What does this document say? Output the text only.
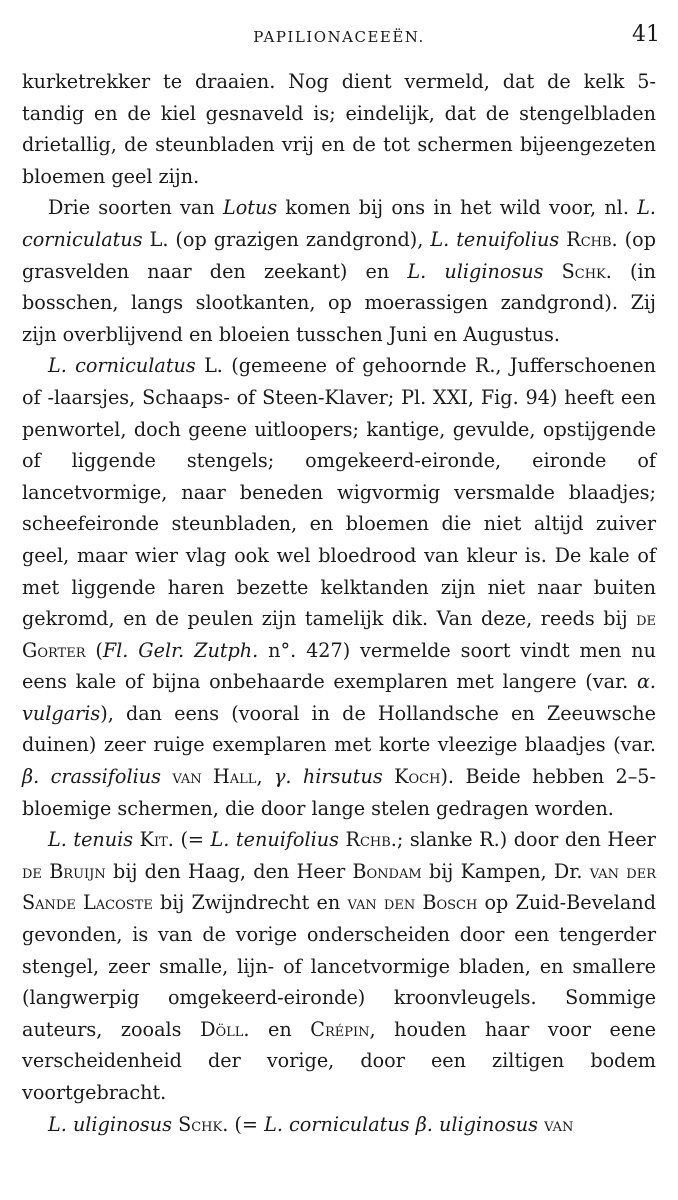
PAPILIONACEEËN.	41

kurketrekker te draaien. Nog dient vermeld, dat de kelk 5-tandig en de kiel gesnaveld is; eindelijk, dat de stengelbladen drietallig, de steunbladen vrij en de tot schermen bijeengezeten bloemen geel zijn.

Drie soorten van Lotus komen bij ons in het wild voor, nl. L. corniculatus L. (op grazigen zandgrond), L. tenuifolius Rchb. (op grasvelden naar den zeekant) en L. uliginosus Schk. (in bosschen, langs slootkanten, op moerassigen zandgrond). Zij zijn overblijvend en bloeien tusschen Juni en Augustus.

L. corniculatus L. (gemeene of gehoornde R., Jufferschoenen of -laarsjes, Schaaps- of Steen-Klaver; Pl. XXI, Fig. 94) heeft een penwortel, doch geene uitloopers; kantige, gevulde, opstijgende of liggende stengels; omgekeerd-eironde, eironde of lancetvormige, naar beneden wigvormig versmalde blaadjes; scheefeironde steunbladen, en bloemen die niet altijd zuiver geel, maar wier vlag ook wel bloedrood van kleur is. De kale of met liggende haren bezette kelktanden zijn niet naar buiten gekromd, en de peulen zijn tamelijk dik. Van deze, reeds bij de Gorter (Fl. Gelr. Zutph. n°. 427) vermelde soort vindt men nu eens kale of bijna onbehaarde exemplaren met langere (var. α. vulgaris), dan eens (vooral in de Hollandsche en Zeeuwsche duinen) zeer ruige exemplaren met korte vleezige blaadjes (var. β. crassifolius van Hall, γ. hirsutus Koch). Beide hebben 2–5-bloemige schermen, die door lange stelen gedragen worden.

L. tenuis Kit. (= L. tenuifolius Rchb.; slanke R.) door den Heer de Bruijn bij den Haag, den Heer Bondam bij Kampen, Dr. van der Sande Lacoste bij Zwijndrecht en van den Bosch op Zuid-Beveland gevonden, is van de vorige onderscheiden door een tengerder stengel, zeer smalle, lijn- of lancetvormige bladen, en smallere (langwerpig omgekeerd-eironde) kroonvleugels. Sommige auteurs, zooals Döll. en Crépin, houden haar voor eene verscheidenheid der vorige, door een ziltigen bodem voortgebracht.

L. uliginosus Schk. (= L. corniculatus β. uliginosus van
